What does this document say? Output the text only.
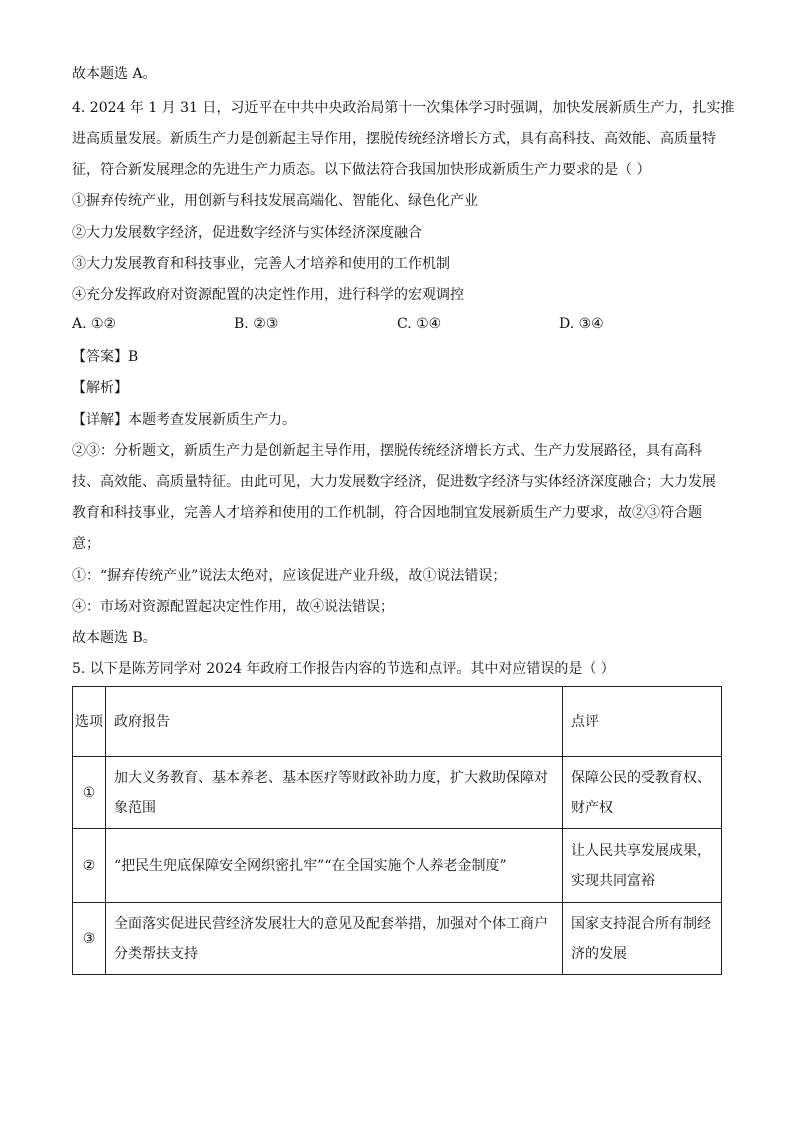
故本题选 A。
4. 2024 年 1 月 31 日，习近平在中共中央政治局第十一次集体学习时强调，加快发展新质生产力，扎实推
进高质量发展。新质生产力是创新起主导作用，摆脱传统经济增长方式，具有高科技、高效能、高质量特
征，符合新发展理念的先进生产力质态。以下做法符合我国加快形成新质生产力要求的是（ ）
①摒弃传统产业，用创新与科技发展高端化、智能化、绿色化产业
②大力发展数字经济，促进数字经济与实体经济深度融合
③大力发展教育和科技事业，完善人才培养和使用的工作机制
④充分发挥政府对资源配置的决定性作用，进行科学的宏观调控
A. ①②	B. ②③	C. ①④	D. ③④
【答案】B
【解析】
【详解】本题考查发展新质生产力。
②③：分析题文，新质生产力是创新起主导作用，摆脱传统经济增长方式、生产力发展路径，具有高科
技、高效能、高质量特征。由此可见，大力发展数字经济，促进数字经济与实体经济深度融合；大力发展
教育和科技事业，完善人才培养和使用的工作机制，符合因地制宜发展新质生产力要求，故②③符合题
意；
①：“摒弃传统产业”说法太绝对，应该促进产业升级，故①说法错误；
④：市场对资源配置起决定性作用，故④说法错误；
故本题选 B。
5. 以下是陈芳同学对 2024 年政府工作报告内容的节选和点评。其中对应错误的是（ ）
选项	政府报告	点评
①	加大义务教育、基本养老、基本医疗等财政补助力度，扩大救助保障对象范围	保障公民的受教育权、财产权
②	“把民生兜底保障安全网织密扎牢”“在全国实施个人养老金制度”	让人民共享发展成果，实现共同富裕
③	全面落实促进民营经济发展壮大的意见及配套举措，加强对个体工商户分类帮扶支持	国家支持混合所有制经济的发展
